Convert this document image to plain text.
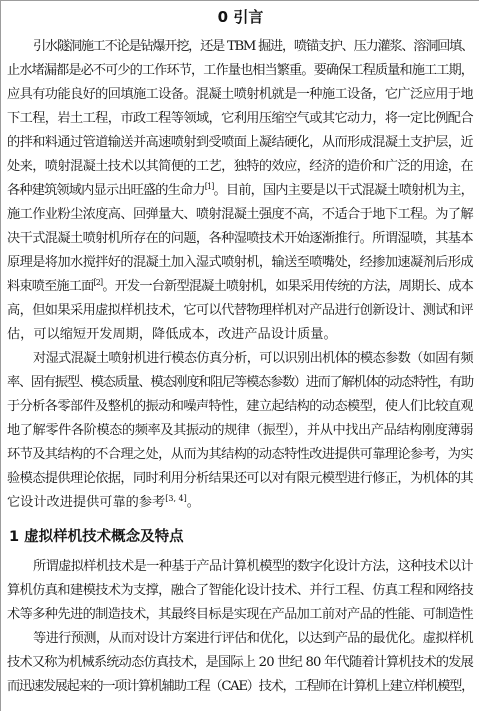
0 引言
引水隧洞施工不论是钻爆开挖，还是 TBM 掘进，喷锚支护、压力灌浆、溶洞回填、
止水堵漏都是必不可少的工作环节，工作量也相当繁重。要确保工程质量和施工工期，
应具有功能良好的回填施工设备。混凝土喷射机就是一种施工设备，它广泛应用于地
下工程，岩土工程，市政工程等领域，它利用压缩空气或其它动力，将一定比例配合
的拌和料通过管道输送并高速喷射到受喷面上凝结硬化，从而形成混凝土支护层，近
处来，喷射混凝土技术以其简便的工艺，独特的效应，经济的造价和广泛的用途，在
各种建筑领域内显示出旺盛的生命力[1]。目前，国内主要是以干式混凝土喷射机为主，
施工作业粉尘浓度高、回弹量大、喷射混凝土强度不高，不适合于地下工程。为了解
决干式混凝土喷射机所存在的问题，各种湿喷技术开始逐渐推行。所谓湿喷，其基本
原理是将加水搅拌好的混凝土加入湿式喷射机，输送至喷嘴处，经掺加速凝剂后形成
料束喷至施工面[2]。开发一台新型混凝土喷射机，如果采用传统的方法，周期长、成本
高，但如果采用虚拟样机技术，它可以代替物理样机对产品进行创新设计、测试和评
估，可以缩短开发周期，降低成本，改进产品设计质量。
对湿式混凝土喷射机进行模态仿真分析，可以识别出机体的模态参数（如固有频
率、固有振型、模态质量、模态刚度和阻尼等模态参数）进而了解机体的动态特性，有助
于分析各零部件及整机的振动和噪声特性，建立起结构的动态模型，使人们比较直观
地了解零件各阶模态的频率及其振动的规律（振型），并从中找出产品结构刚度薄弱
环节及其结构的不合理之处，从而为其结构的动态特性改进提供可靠理论参考，为实
验模态提供理论依据，同时利用分析结果还可以对有限元模型进行修正，为机体的其
它设计改进提供可靠的参考[3, 4]。
1 虚拟样机技术概念及特点
所谓虚拟样机技术是一种基于产品计算机模型的数字化设计方法，这种技术以计
算机仿真和建模技术为支撑，融合了智能化设计技术、并行工程、仿真工程和网络技
术等多种先进的制造技术，其最终目标是实现在产品加工前对产品的性能、可制造性
等进行预测，从而对设计方案进行评估和优化，以达到产品的最优化。虚拟样机
技术又称为机械系统动态仿真技术，是国际上 20 世纪 80 年代随着计算机技术的发展
而迅速发展起来的一项计算机辅助工程（CAE）技术，工程师在计算机上建立样机模型，
